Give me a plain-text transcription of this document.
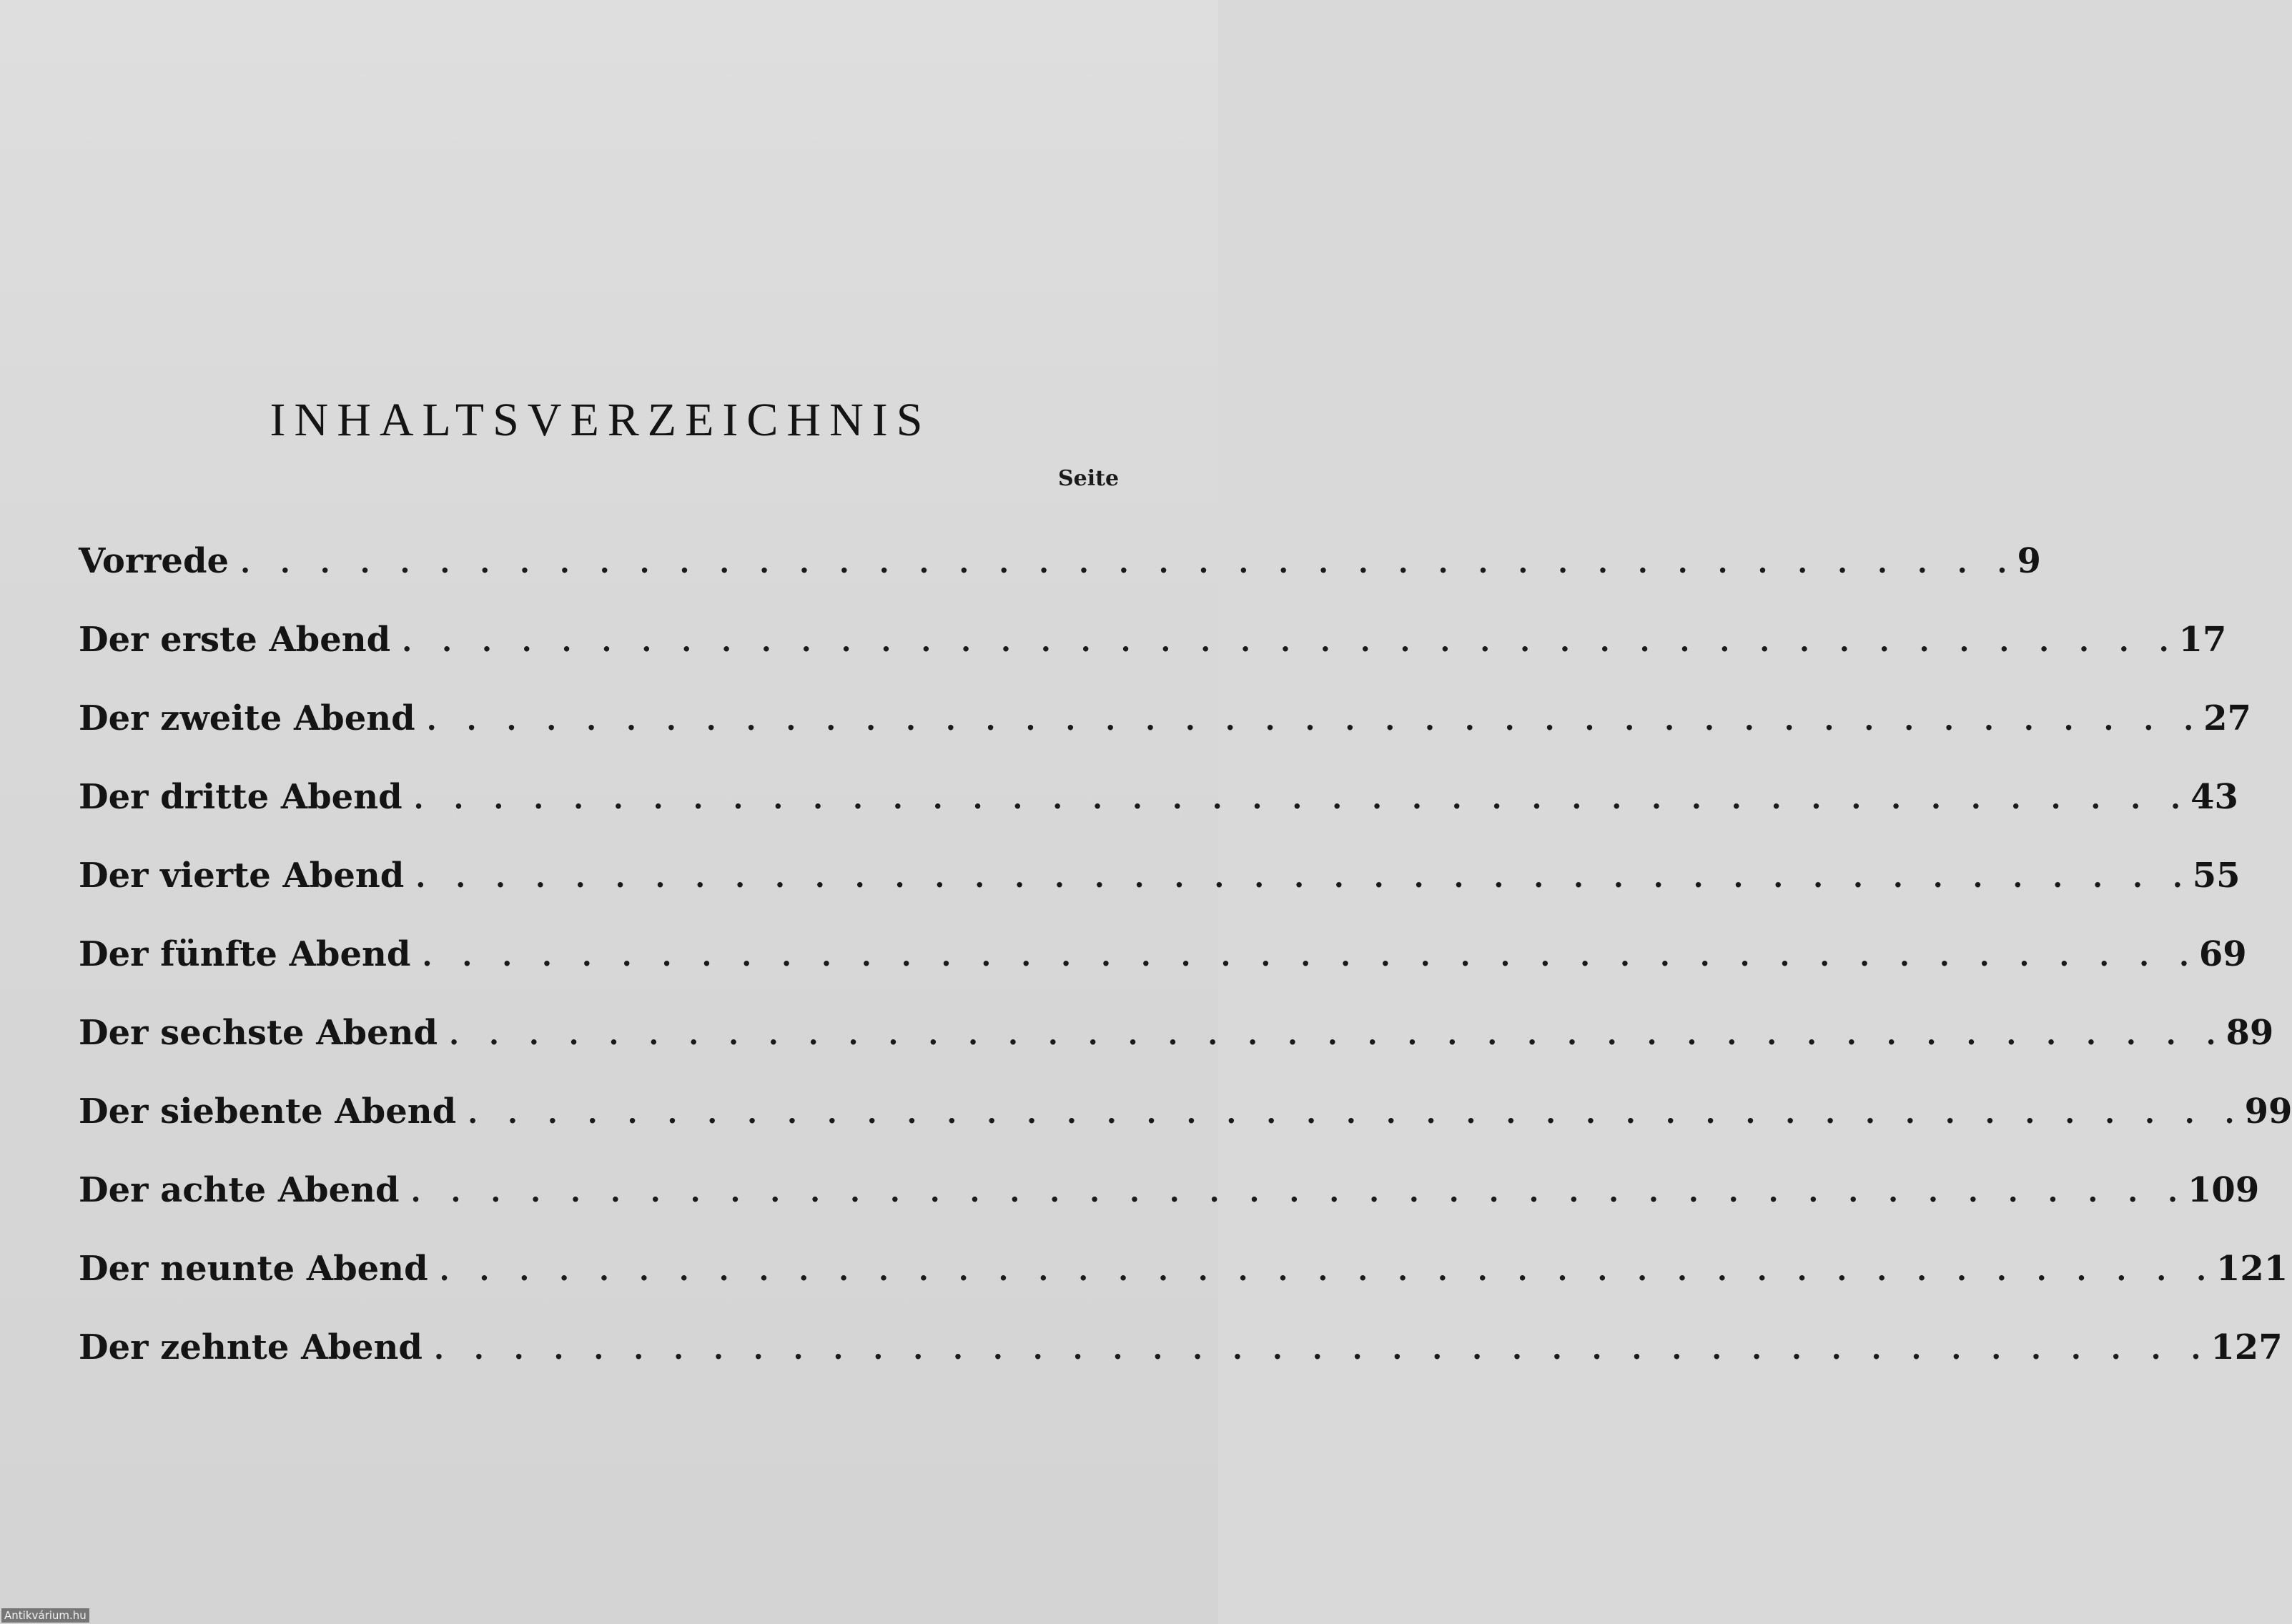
INHALTSVERZEICHNIS
Seite
Vorrede . . . . . . . . . . . . . . . . . . . . . . . . . . . . . . . . . . . . . . . . . . . . . 9
Der erste Abend . . . . . . . . . . . . . . . . . . . . . . . . . . . . . . . . . . . . . . . . . . . . . 17
Der zweite Abend . . . . . . . . . . . . . . . . . . . . . . . . . . . . . . . . . . . . . . . . . . . . . 27
Der dritte Abend . . . . . . . . . . . . . . . . . . . . . . . . . . . . . . . . . . . . . . . . . . . . . 43
Der vierte Abend . . . . . . . . . . . . . . . . . . . . . . . . . . . . . . . . . . . . . . . . . . . . . 55
Der fünfte Abend . . . . . . . . . . . . . . . . . . . . . . . . . . . . . . . . . . . . . . . . . . . . . 69
Der sechste Abend . . . . . . . . . . . . . . . . . . . . . . . . . . . . . . . . . . . . . . . . . . . . . 89
Der siebente Abend . . . . . . . . . . . . . . . . . . . . . . . . . . . . . . . . . . . . . . . . . . . . . 99
Der achte Abend . . . . . . . . . . . . . . . . . . . . . . . . . . . . . . . . . . . . . . . . . . . . . 109
Der neunte Abend . . . . . . . . . . . . . . . . . . . . . . . . . . . . . . . . . . . . . . . . . . . . . 121
Der zehnte Abend . . . . . . . . . . . . . . . . . . . . . . . . . . . . . . . . . . . . . . . . . . . . . 127
Antikvárium.hu
